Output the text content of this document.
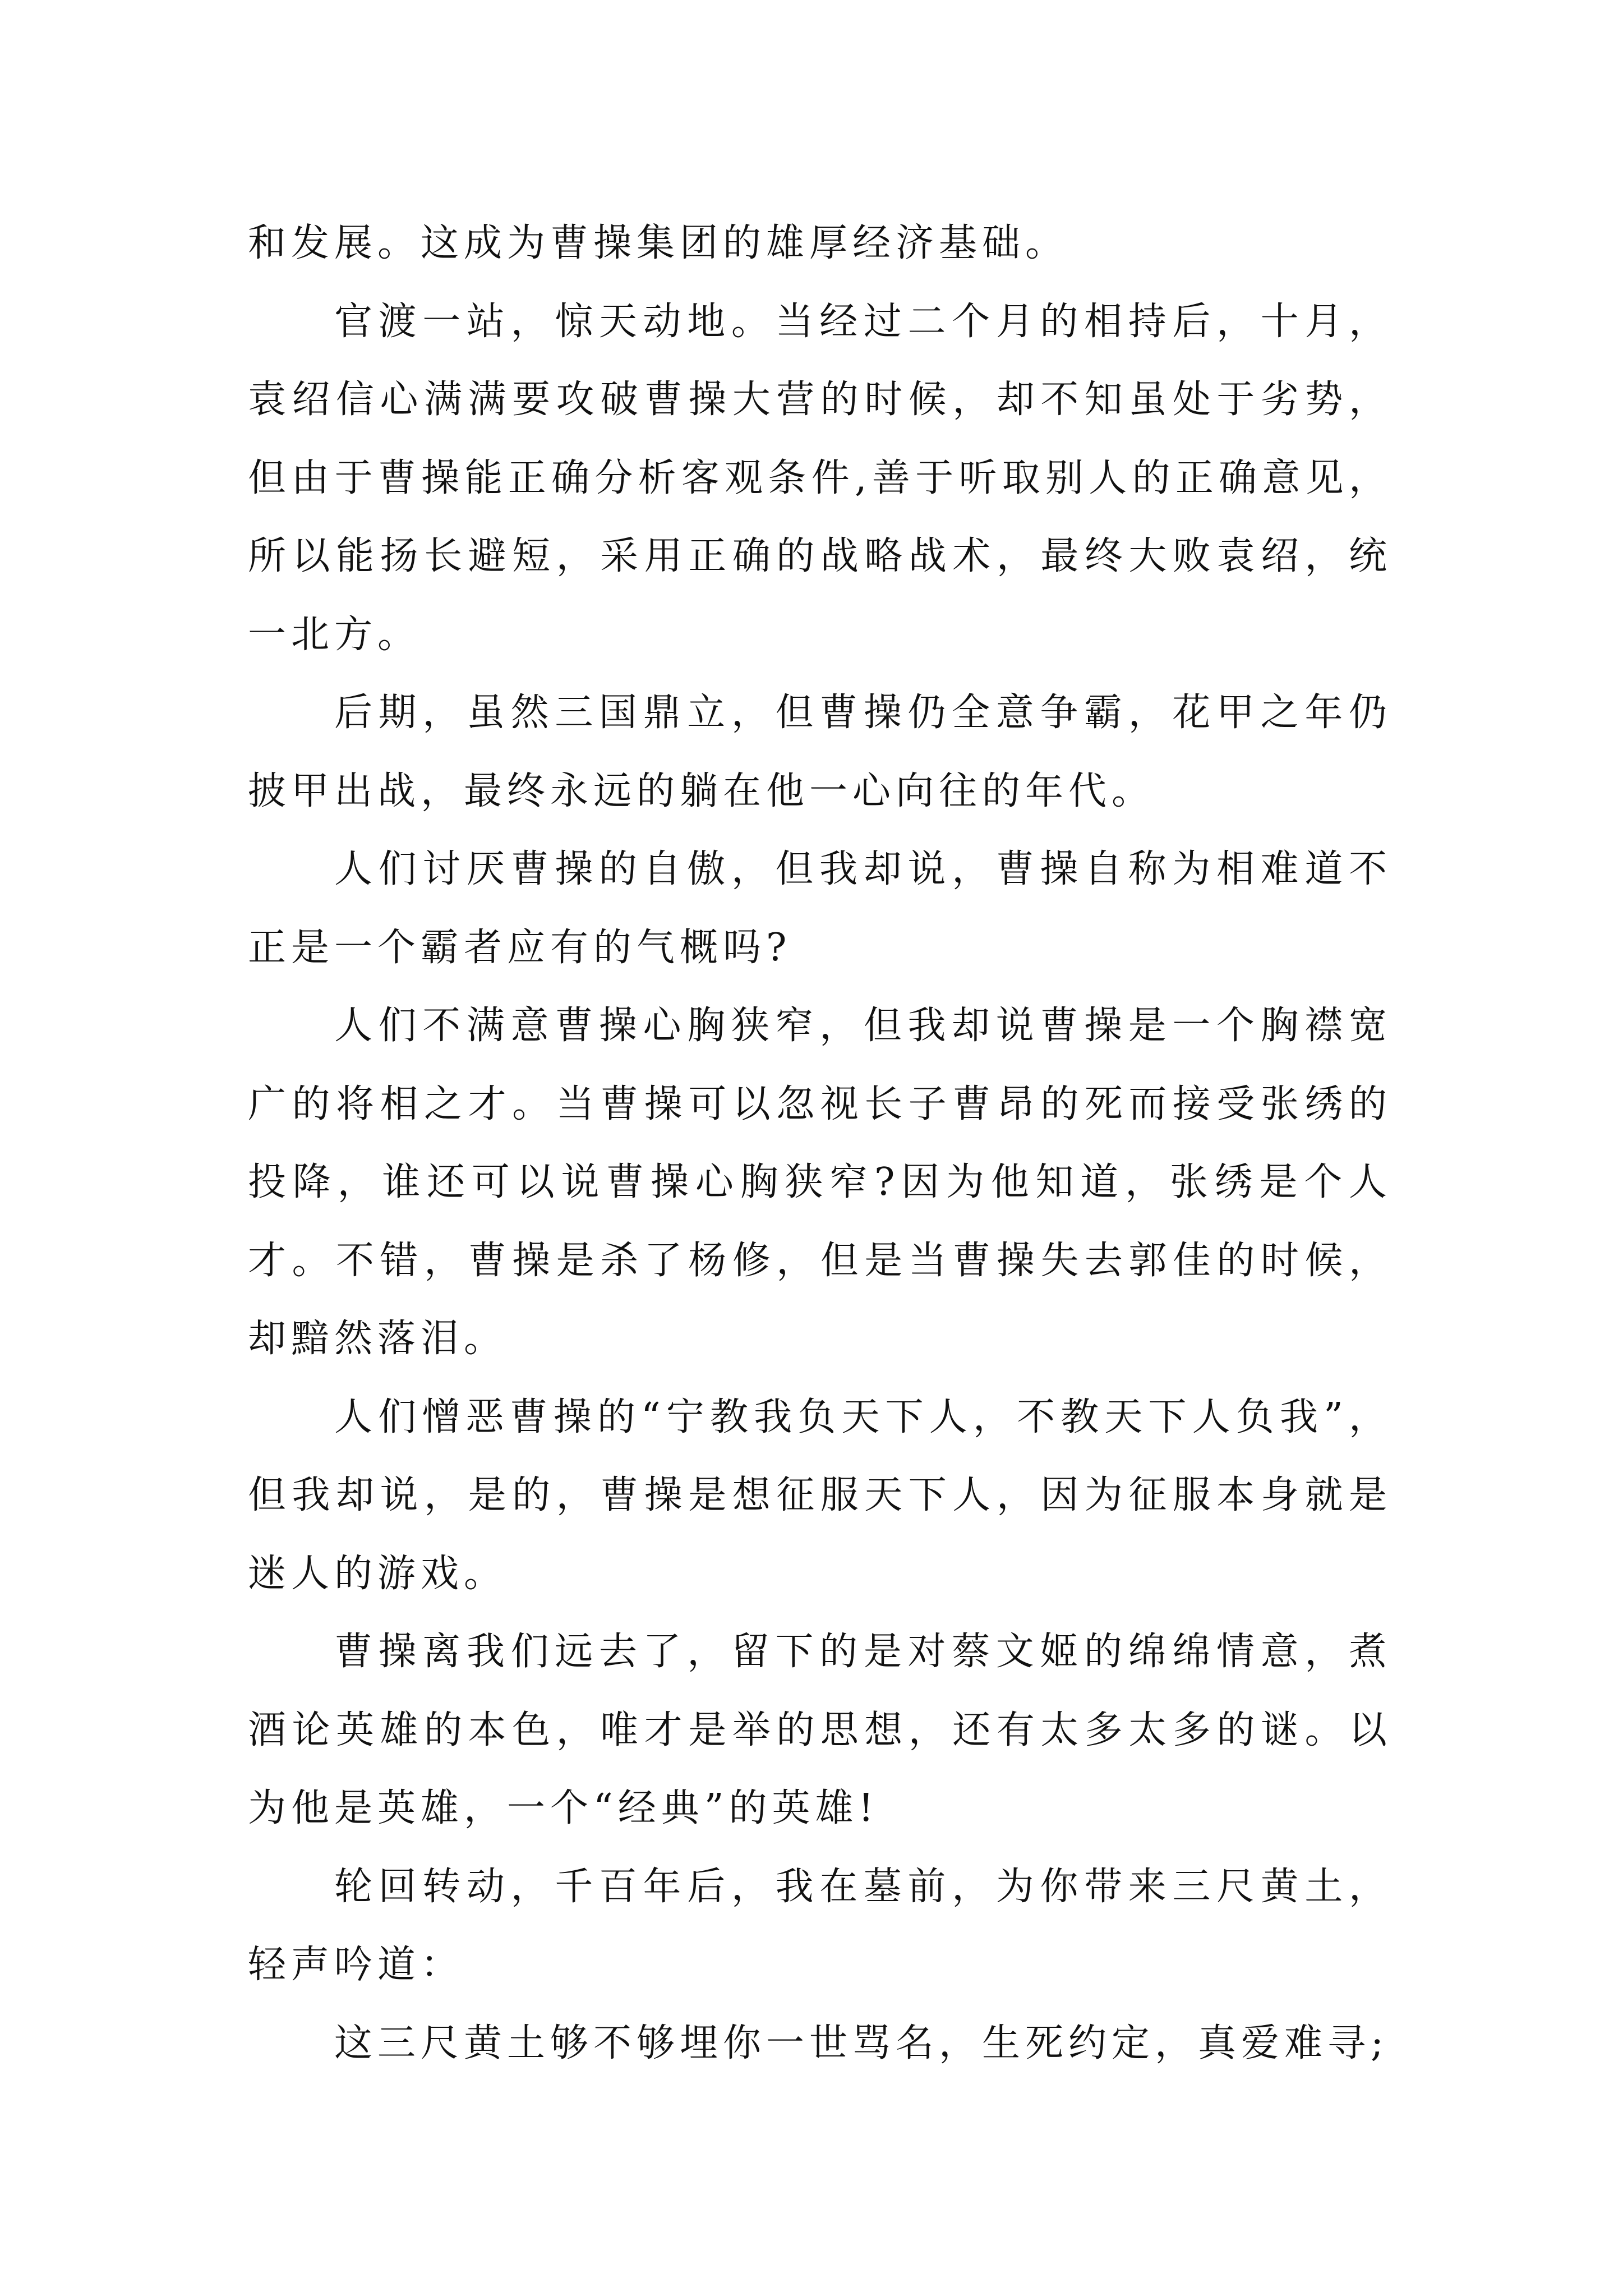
和发展。这成为曹操集团的雄厚经济基础。

官渡一站，惊天动地。当经过二个月的相持后，十月，袁绍信心满满要攻破曹操大营的时候，却不知虽处于劣势，但由于曹操能正确分析客观条件,善于听取别人的正确意见，所以能扬长避短，采用正确的战略战术，最终大败袁绍，统一北方。

后期，虽然三国鼎立，但曹操仍全意争霸，花甲之年仍披甲出战，最终永远的躺在他一心向往的年代。

人们讨厌曹操的自傲，但我却说，曹操自称为相难道不正是一个霸者应有的气概吗?

人们不满意曹操心胸狭窄，但我却说曹操是一个胸襟宽广的将相之才。当曹操可以忽视长子曹昂的死而接受张绣的投降，谁还可以说曹操心胸狭窄?因为他知道，张绣是个人才。不错，曹操是杀了杨修，但是当曹操失去郭佳的时候，却黯然落泪。

人们憎恶曹操的“宁教我负天下人，不教天下人负我”，但我却说，是的，曹操是想征服天下人，因为征服本身就是迷人的游戏。

曹操离我们远去了，留下的是对蔡文姬的绵绵情意，煮酒论英雄的本色，唯才是举的思想，还有太多太多的谜。以为他是英雄，一个“经典”的英雄!

轮回转动，千百年后，我在墓前，为你带来三尺黄土，轻声吟道：

这三尺黄土够不够埋你一世骂名，生死约定，真爱难寻;
